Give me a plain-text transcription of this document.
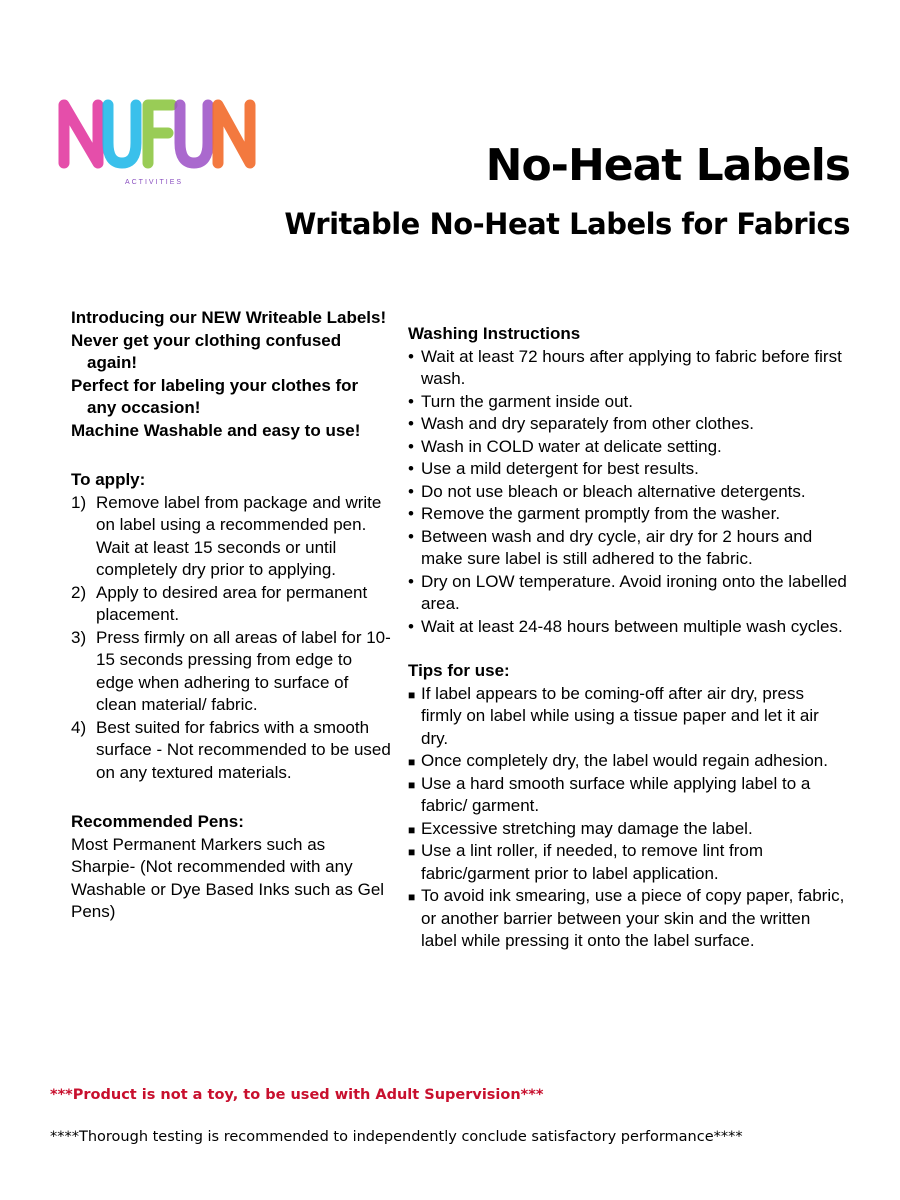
ACTIVITIES	No-Heat Labels
Writable No-Heat Labels for Fabrics

Introducing our NEW Writeable Labels!

Never get your clothing confused again!

Perfect for labeling your clothes for any occasion!

Machine Washable and easy to use!

To apply:

1) Remove label from package and write on label using a recommended pen. Wait at least 15 seconds or until completely dry prior to applying.
2) Apply to desired area for permanent placement.
3) Press firmly on all areas of label for 10-15 seconds pressing from edge to edge when adhering to surface of clean material/ fabric.
4) Best suited for fabrics with a smooth surface - Not recommended to be used on any textured materials.

Recommended Pens:

Most Permanent Markers such as Sharpie- (Not recommended with any Washable or Dye Based Inks such as Gel Pens)

Washing Instructions

• Wait at least 72 hours after applying to fabric before first wash.
• Turn the garment inside out.
• Wash and dry separately from other clothes.
• Wash in COLD water at delicate setting.
• Use a mild detergent for best results.
• Do not use bleach or bleach alternative detergents.
• Remove the garment promptly from the washer.
• Between wash and dry cycle, air dry for 2 hours and make sure label is still adhered to the fabric.
• Dry on LOW temperature. Avoid ironing onto the labelled area.
• Wait at least 24-48 hours between multiple wash cycles.

Tips for use:

■ If label appears to be coming-off after air dry, press firmly on label while using a tissue paper and let it air dry.
■ Once completely dry, the label would regain adhesion.
■ Use a hard smooth surface while applying label to a fabric/ garment.
■ Excessive stretching may damage the label.
■ Use a lint roller, if needed, to remove lint from fabric/garment prior to label application.
■ To avoid ink smearing, use a piece of copy paper, fabric, or another barrier between your skin and the written label while pressing it onto the label surface.

***Product is not a toy, to be used with Adult Supervision***

****Thorough testing is recommended to independently conclude satisfactory performance****
